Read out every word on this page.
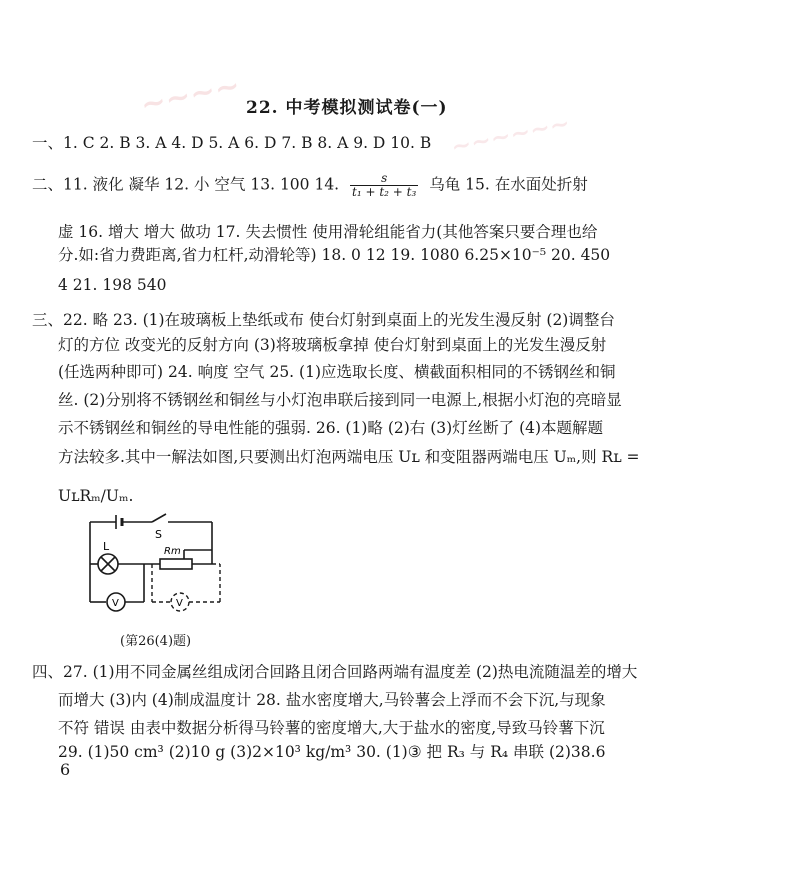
~~~~
~~~~~~
22. 中考模拟测试卷(一)
一、1. C 2. B 3. A 4. D 5. A 6. D 7. B 8. A 9. D 10. B
二、11. 液化 凝华 12. 小 空气 13. 100 14. $\frac{s}{\text{t₁ + t₂ + t₃}}$ 乌龟 15. 在水面处折射
虚 16. 增大 增大 做功 17. 失去惯性 使用滑轮组能省力(其他答案只要合理也给
分.如:省力费距离,省力杠杆,动滑轮等) 18. 0 12 19. 1080 6.25×10⁻⁵ 20. 450
4 21. 198 540
三、22. 略 23. (1)在玻璃板上垫纸或布 使台灯射到桌面上的光发生漫反射 (2)调整台
灯的方位 改变光的反射方向 (3)将玻璃板拿掉 使台灯射到桌面上的光发生漫反射
(任选两种即可) 24. 响度 空气 25. (1)应选取长度、横截面积相同的不锈钢丝和铜
丝. (2)分别将不锈钢丝和铜丝与小灯泡串联后接到同一电源上,根据小灯泡的亮暗显
示不锈钢丝和铜丝的导电性能的强弱. 26. (1)略 (2)右 (3)灯丝断了 (4)本题解题
方法较多.其中一解法如图,只要测出灯泡两端电压 Uʟ 和变阻器两端电压 Uₘ,则 Rʟ =
UʟRₘ/Uₘ.
S
L	Rm
V	V
(第26(4)题)
四、27. (1)用不同金属丝组成闭合回路且闭合回路两端有温度差 (2)热电流随温差的增大
而增大 (3)内 (4)制成温度计 28. 盐水密度增大,马铃薯会上浮而不会下沉,与现象
不符 错误 由表中数据分析得马铃薯的密度增大,大于盐水的密度,导致马铃薯下沉
29. (1)50 cm³ (2)10 g (3)2×10³ kg/m³ 30. (1)③ 把 R₃ 与 R₄ 串联 (2)38.6
6
